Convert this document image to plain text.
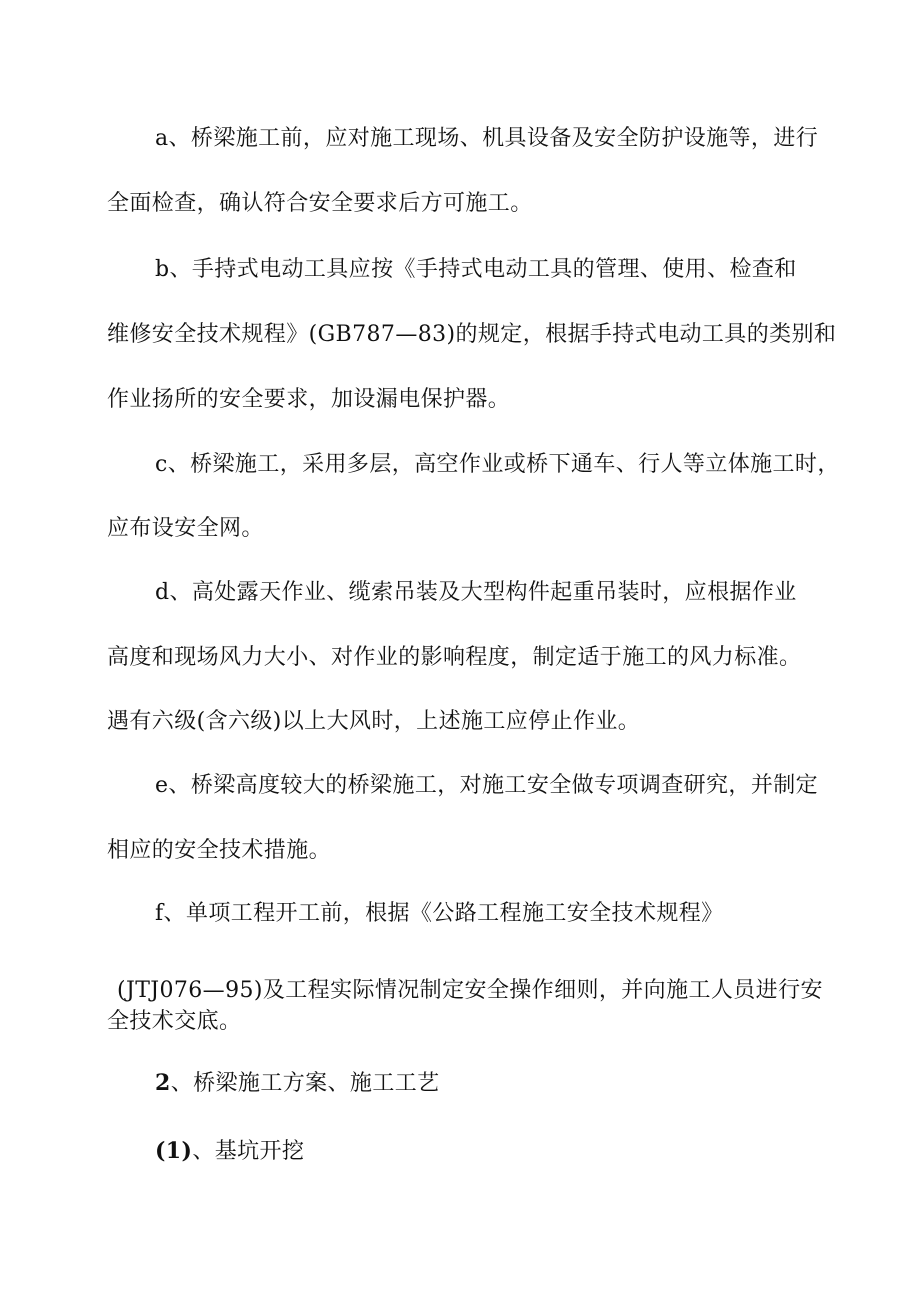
a、桥梁施工前，应对施工现场、机具设备及安全防护设施等，进行
全面检查，确认符合安全要求后方可施工。
b、手持式电动工具应按《手持式电动工具的管理、使用、检查和
维修安全技术规程》(GB787—83)的规定，根据手持式电动工具的类别和
作业扬所的安全要求，加设漏电保护器。
c、桥梁施工，采用多层，高空作业或桥下通车、行人等立体施工时，
应布设安全网。
d、高处露天作业、缆索吊装及大型构件起重吊装时，应根据作业
高度和现场风力大小、对作业的影响程度，制定适于施工的风力标准。
遇有六级(含六级)以上大风时，上述施工应停止作业。
e、桥梁高度较大的桥梁施工，对施工安全做专项调查研究，并制定
相应的安全技术措施。
f、单项工程开工前，根据《公路工程施工安全技术规程》
(JTJ076—95)及工程实际情况制定安全操作细则，并向施工人员进行安
全技术交底。
2、桥梁施工方案、施工工艺
(1)、基坑开挖
